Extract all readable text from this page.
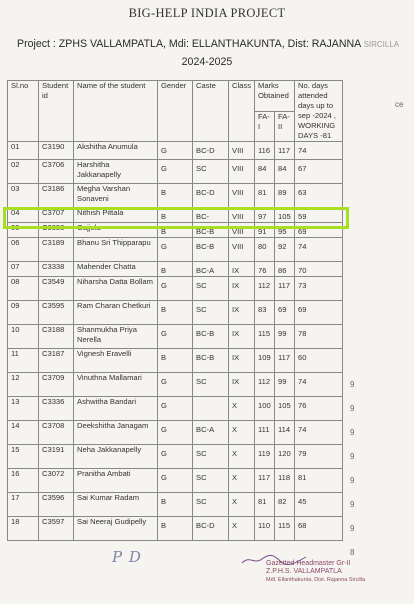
BIG-HELP INDIA PROJECT
Project : ZPHS VALLAMPATLA, Mdi: ELLANTHAKUNTA, Dist: RAJANNA SIRCILLA
2024-2025
Sl.no	Student id	Name of the student	Gender	Caste	Class	Marks Obtained		No. days attended days up to sep -2024 , WORKING DAYS -81
						FA-I	FA-II	
01	C3190	Akshitha Anumula	G	BC-D	VIII	116	117	74
02	C3706	Harshitha Jakkanapelly	G	SC	VIII	84	84	67
03	C3186	Megha Varshan Sonaveni	B	BC-D	VIII	81	89	63
04	C3707	Nithish Pittala	B	BC-	VIII	97	105	59
05	C3338	Gajjela	B	BC-B	VIII	91	95	69
06	C3189	Bhanu Sri Thipparapu	G	BC-B	VIII	80	92	74
07	C3338	Mahender Chatta	B	BC-A	IX	76	86	70
08	C3549	Niharsha Datta Bollam	G	SC	IX	112	117	73
09	C3595	Ram Charan Chetkuri	B	SC	IX	83	69	69
10	C3188	Shanmukha Priya Nerella	G	BC-B	IX	115	99	78
11	C3187	Vignesh Eravelli	B	BC-B	IX	109	117	60
12	C3709	Vinuthna Mallamari	G	SC	IX	112	99	74
13	C3336	Ashwitha Bandari	G		X	100	105	76
14	C3708	Deekshitha Janagam	G	BC-A	X	111	114	74
15	C3191	Neha Jakkanapelly	G	SC	X	119	120	79
16	C3072	Pranitha Ambati	G	SC	X	117	118	81
17	C3596	Sai Kumar Radam	B	SC	X	81	82	45
18	C3597	Sai Neeraj Gudipelly	B	BC-D	X	110	115	68
ce
9
9
9
9
9
9
9
8
P D	Gazetted Headmaster Gr-II
Z.P.H.S. VALLAMPATLA
Mdl. Ellanthakunta, Dist. Rajanna Sircilla
